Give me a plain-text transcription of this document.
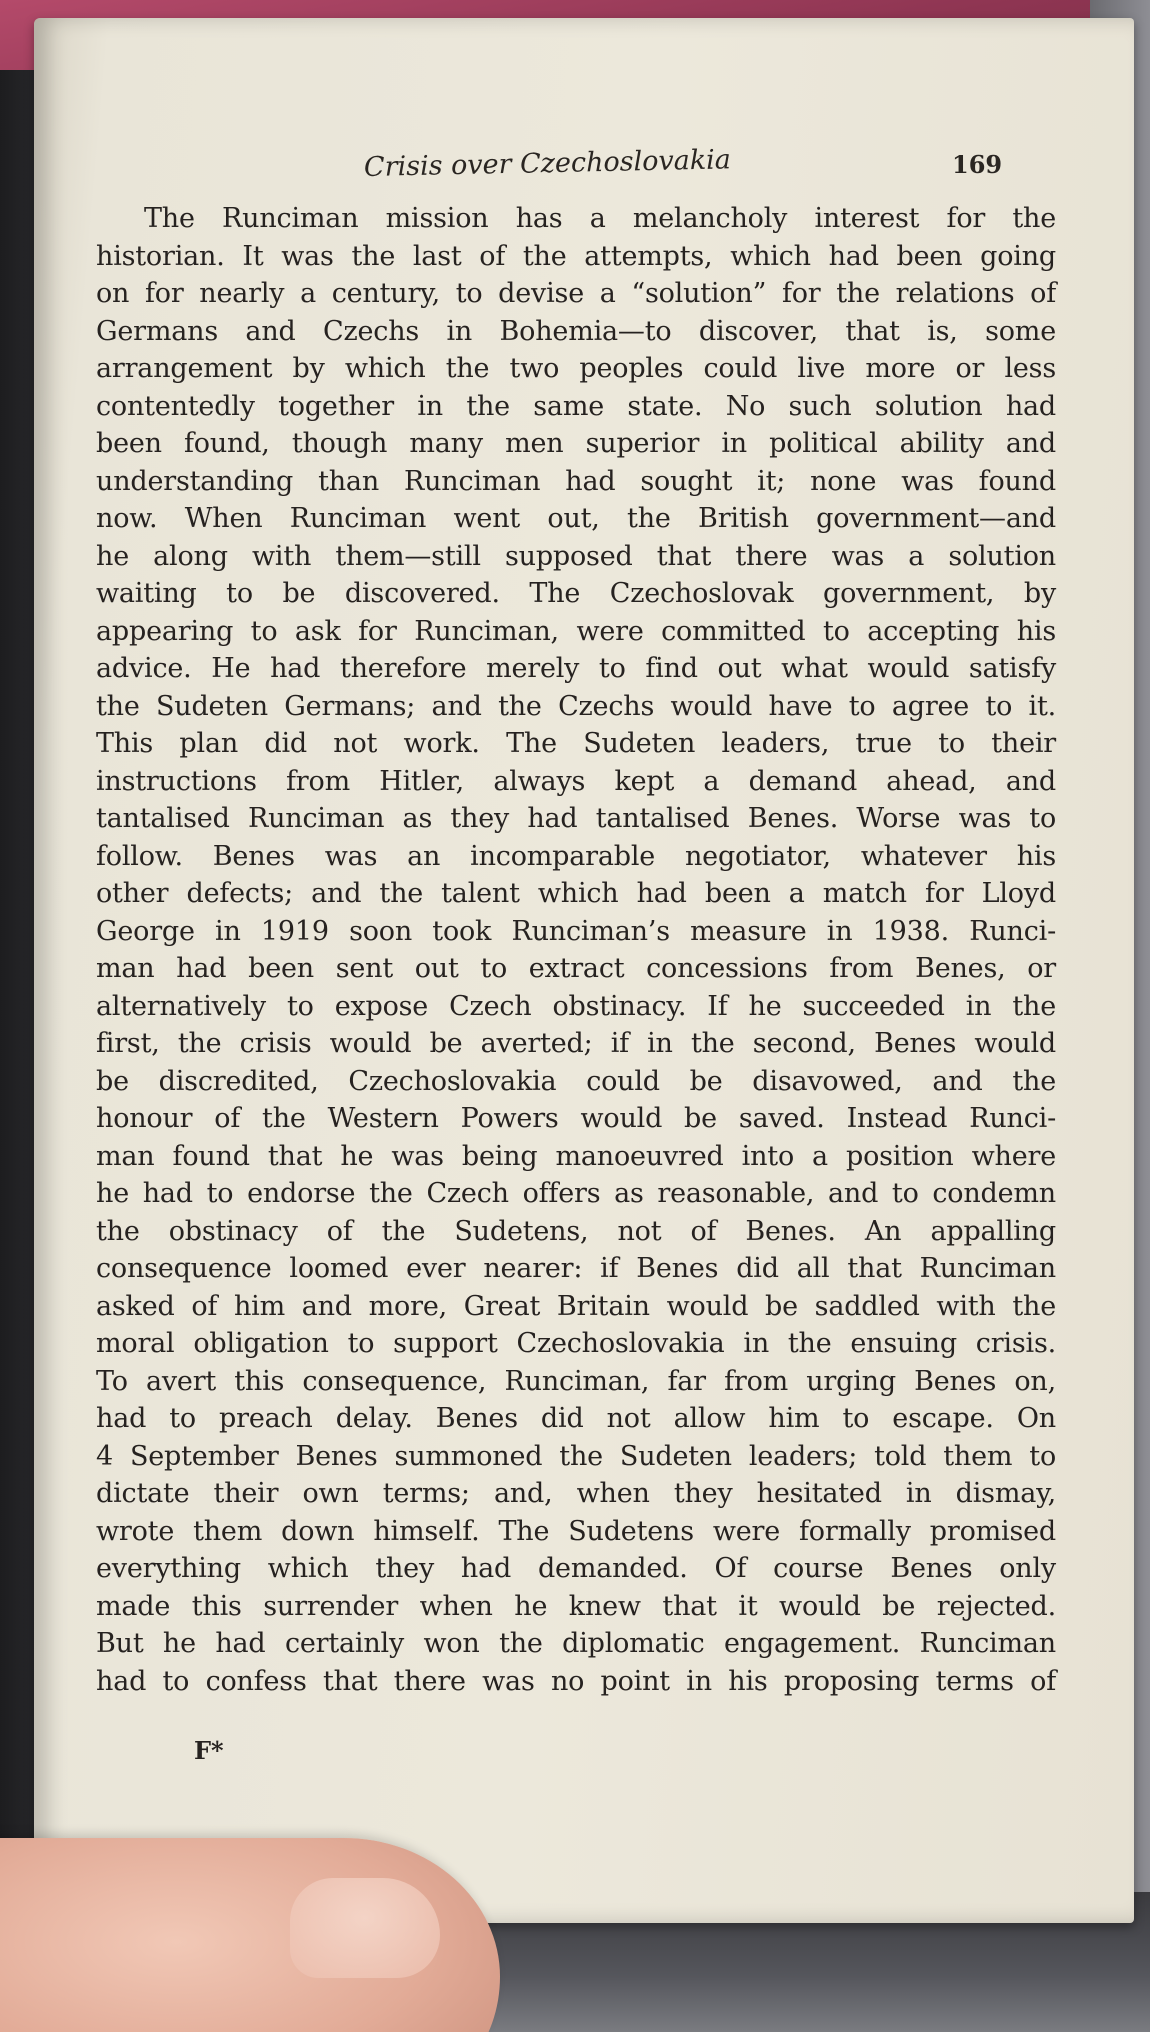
Crisis over Czechoslovakia	169
The Runciman mission has a melancholy interest for the
historian. It was the last of the attempts, which had been going
on for nearly a century, to devise a “solution” for the relations of
Germans and Czechs in Bohemia—to discover, that is, some
arrangement by which the two peoples could live more or less
contentedly together in the same state. No such solution had
been found, though many men superior in political ability and
understanding than Runciman had sought it; none was found
now. When Runciman went out, the British government—and
he along with them—still supposed that there was a solution
waiting to be discovered. The Czechoslovak government, by
appearing to ask for Runciman, were committed to accepting his
advice. He had therefore merely to find out what would satisfy
the Sudeten Germans; and the Czechs would have to agree to it.
This plan did not work. The Sudeten leaders, true to their
instructions from Hitler, always kept a demand ahead, and
tantalised Runciman as they had tantalised Benes. Worse was to
follow. Benes was an incomparable negotiator, whatever his
other defects; and the talent which had been a match for Lloyd
George in 1919 soon took Runciman’s measure in 1938. Runci-
man had been sent out to extract concessions from Benes, or
alternatively to expose Czech obstinacy. If he succeeded in the
first, the crisis would be averted; if in the second, Benes would
be discredited, Czechoslovakia could be disavowed, and the
honour of the Western Powers would be saved. Instead Runci-
man found that he was being manoeuvred into a position where
he had to endorse the Czech offers as reasonable, and to condemn
the obstinacy of the Sudetens, not of Benes. An appalling
consequence loomed ever nearer: if Benes did all that Runciman
asked of him and more, Great Britain would be saddled with the
moral obligation to support Czechoslovakia in the ensuing crisis.
To avert this consequence, Runciman, far from urging Benes on,
had to preach delay. Benes did not allow him to escape. On
4 September Benes summoned the Sudeten leaders; told them to
dictate their own terms; and, when they hesitated in dismay,
wrote them down himself. The Sudetens were formally promised
everything which they had demanded. Of course Benes only
made this surrender when he knew that it would be rejected.
But he had certainly won the diplomatic engagement. Runciman
had to confess that there was no point in his proposing terms of
F*
